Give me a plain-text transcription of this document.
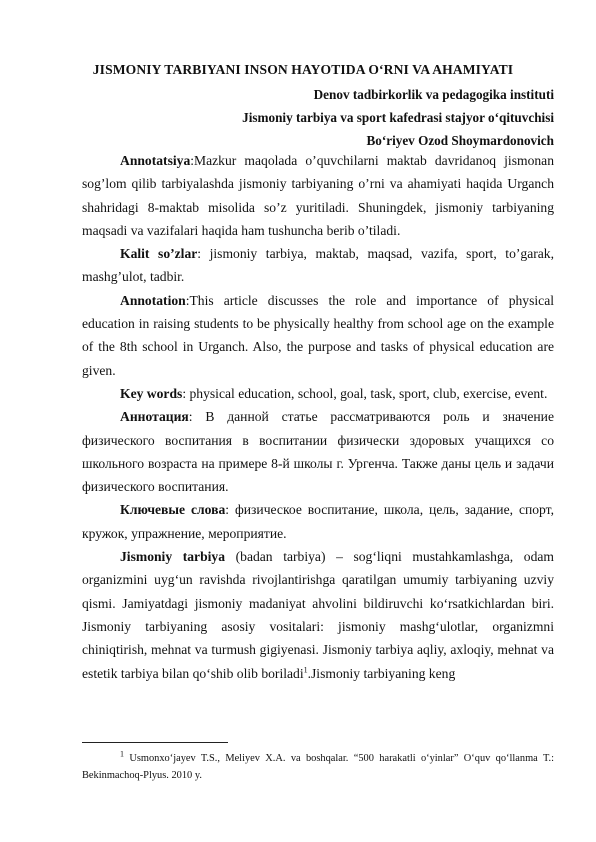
JISMONIY TARBIYANI INSON HAYOTIDA O‘RNI VA AHAMIYATI
Denov tadbirkorlik va pedagogika instituti
Jismoniy tarbiya va sport kafedrasi stajyor o‘qituvchisi
Bo‘riyev Ozod Shoymardonovich

Annotatsiya:Mazkur maqolada o’quvchilarni maktab davridanoq jismonan sog’lom qilib tarbiyalashda jismoniy tarbiyaning o’rni va ahamiyati haqida Urganch shahridagi 8-maktab misolida so’z yuritiladi. Shuningdek, jismoniy tarbiyaning maqsadi va vazifalari haqida ham tushuncha berib o’tiladi.

Kalit so’zlar: jismoniy tarbiya, maktab, maqsad, vazifa, sport, to’garak, mashg’ulot, tadbir.

Annotation:This article discusses the role and importance of physical education in raising students to be physically healthy from school age on the example of the 8th school in Urganch. Also, the purpose and tasks of physical education are given.

Key words: physical education, school, goal, task, sport, club, exercise, event.

Аннотация: В данной статье рассматриваются роль и значение физического воспитания в воспитании физически здоровых учащихся со школьного возраста на примере 8-й школы г. Ургенча. Также даны цель и задачи физического воспитания.

Ключевые слова: физическое воспитание, школа, цель, задание, спорт, кружок, упражнение, мероприятие.

Jismoniy tarbiya (badan tarbiya) – sog‘liqni mustahkamlashga, odam organizmini uyg‘un ravishda rivojlantirishga qaratilgan umumiy tarbiyaning uzviy qismi. Jamiyatdagi jismoniy madaniyat ahvolini bildiruvchi ko‘rsatkichlardan biri. Jismoniy tarbiyaning asosiy vositalari: jismoniy mashg‘ulotlar, organizmni chiniqtirish, mehnat va turmush gigiyenasi. Jismoniy tarbiya aqliy, axloqiy, mehnat va estetik tarbiya bilan qo‘shib olib boriladi$^1$.Jismoniy tarbiyaning keng

$^1$ Usmonxo‘jayev T.S., Meliyev X.A. va boshqalar. “500 harakatli o‘yinlar” O‘quv qo‘llanma T.: Bekinmachoq-Plyus. 2010 y.
